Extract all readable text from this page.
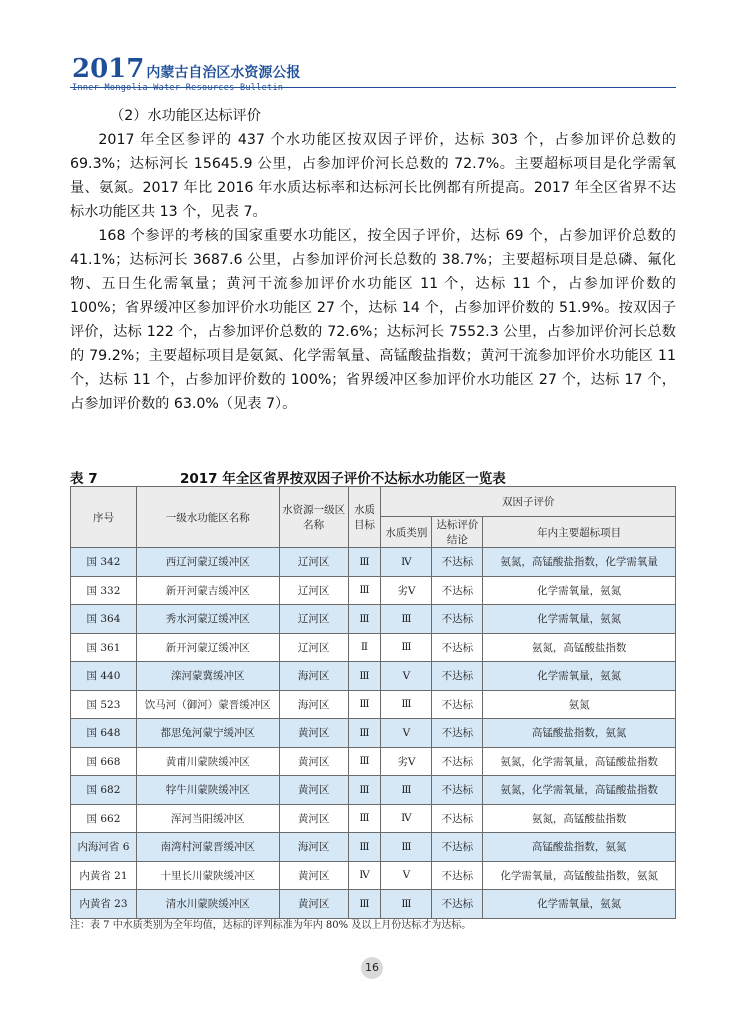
2017 内蒙古自治区水资源公报
Inner Mongolia Water Resources Bulletin
（2）水功能区达标评价

2017 年全区参评的 437 个水功能区按双因子评价，达标 303 个，占参加评价总数的 69.3%；达标河长 15645.9 公里，占参加评价河长总数的 72.7%。主要超标项目是化学需氧量、氨氮。2017 年比 2016 年水质达标率和达标河长比例都有所提高。2017 年全区省界不达标水功能区共 13 个，见表 7。

168 个参评的考核的国家重要水功能区，按全因子评价，达标 69 个，占参加评价总数的 41.1%；达标河长 3687.6 公里，占参加评价河长总数的 38.7%；主要超标项目是总磷、氟化物、五日生化需氧量；黄河干流参加评价水功能区 11 个，达标 11 个，占参加评价数的 100%；省界缓冲区参加评价水功能区 27 个，达标 14 个，占参加评价数的 51.9%。按双因子评价，达标 122 个，占参加评价总数的 72.6%；达标河长 7552.3 公里，占参加评价河长总数的 79.2%；主要超标项目是氨氮、化学需氧量、高锰酸盐指数；黄河干流参加评价水功能区 11 个，达标 11 个，占参加评价数的 100%；省界缓冲区参加评价水功能区 27 个，达标 17 个，占参加评价数的 63.0%（见表 7）。

表 7	2017 年全区省界按双因子评价不达标水功能区一览表
序号	一级水功能区名称	水资源一级区名称	水质目标	双因子评价		
				水质类别	达标评价结论	年内主要超标项目
国 342	西辽河蒙辽缓冲区	辽河区	Ⅲ	Ⅳ	不达标	氨氮，高锰酸盐指数，化学需氧量
国 332	新开河蒙吉缓冲区	辽河区	Ⅲ	劣Ⅴ	不达标	化学需氧量，氨氮
国 364	秀水河蒙辽缓冲区	辽河区	Ⅲ	Ⅲ	不达标	化学需氧量，氨氮
国 361	新开河蒙辽缓冲区	辽河区	Ⅱ	Ⅲ	不达标	氨氮，高锰酸盐指数
国 440	滦河蒙冀缓冲区	海河区	Ⅲ	Ⅴ	不达标	化学需氧量，氨氮
国 523	饮马河（御河）蒙晋缓冲区	海河区	Ⅲ	Ⅲ	不达标	氨氮
国 648	都思兔河蒙宁缓冲区	黄河区	Ⅲ	Ⅴ	不达标	高锰酸盐指数，氨氮
国 668	黄甫川蒙陕缓冲区	黄河区	Ⅲ	劣Ⅴ	不达标	氨氮，化学需氧量，高锰酸盐指数
国 682	牸牛川蒙陕缓冲区	黄河区	Ⅲ	Ⅲ	不达标	氨氮，化学需氧量，高锰酸盐指数
国 662	浑河当阳缓冲区	黄河区	Ⅲ	Ⅳ	不达标	氨氮，高锰酸盐指数
内海河省 6	南湾村河蒙晋缓冲区	海河区	Ⅲ	Ⅲ	不达标	高锰酸盐指数，氨氮
内黄省 21	十里长川蒙陕缓冲区	黄河区	Ⅳ	Ⅴ	不达标	化学需氧量，高锰酸盐指数，氨氮
内黄省 23	清水川蒙陕缓冲区	黄河区	Ⅲ	Ⅲ	不达标	化学需氧量，氨氮
注：表 7 中水质类别为全年均值，达标的评判标准为年内 80% 及以上月份达标才为达标。
16
